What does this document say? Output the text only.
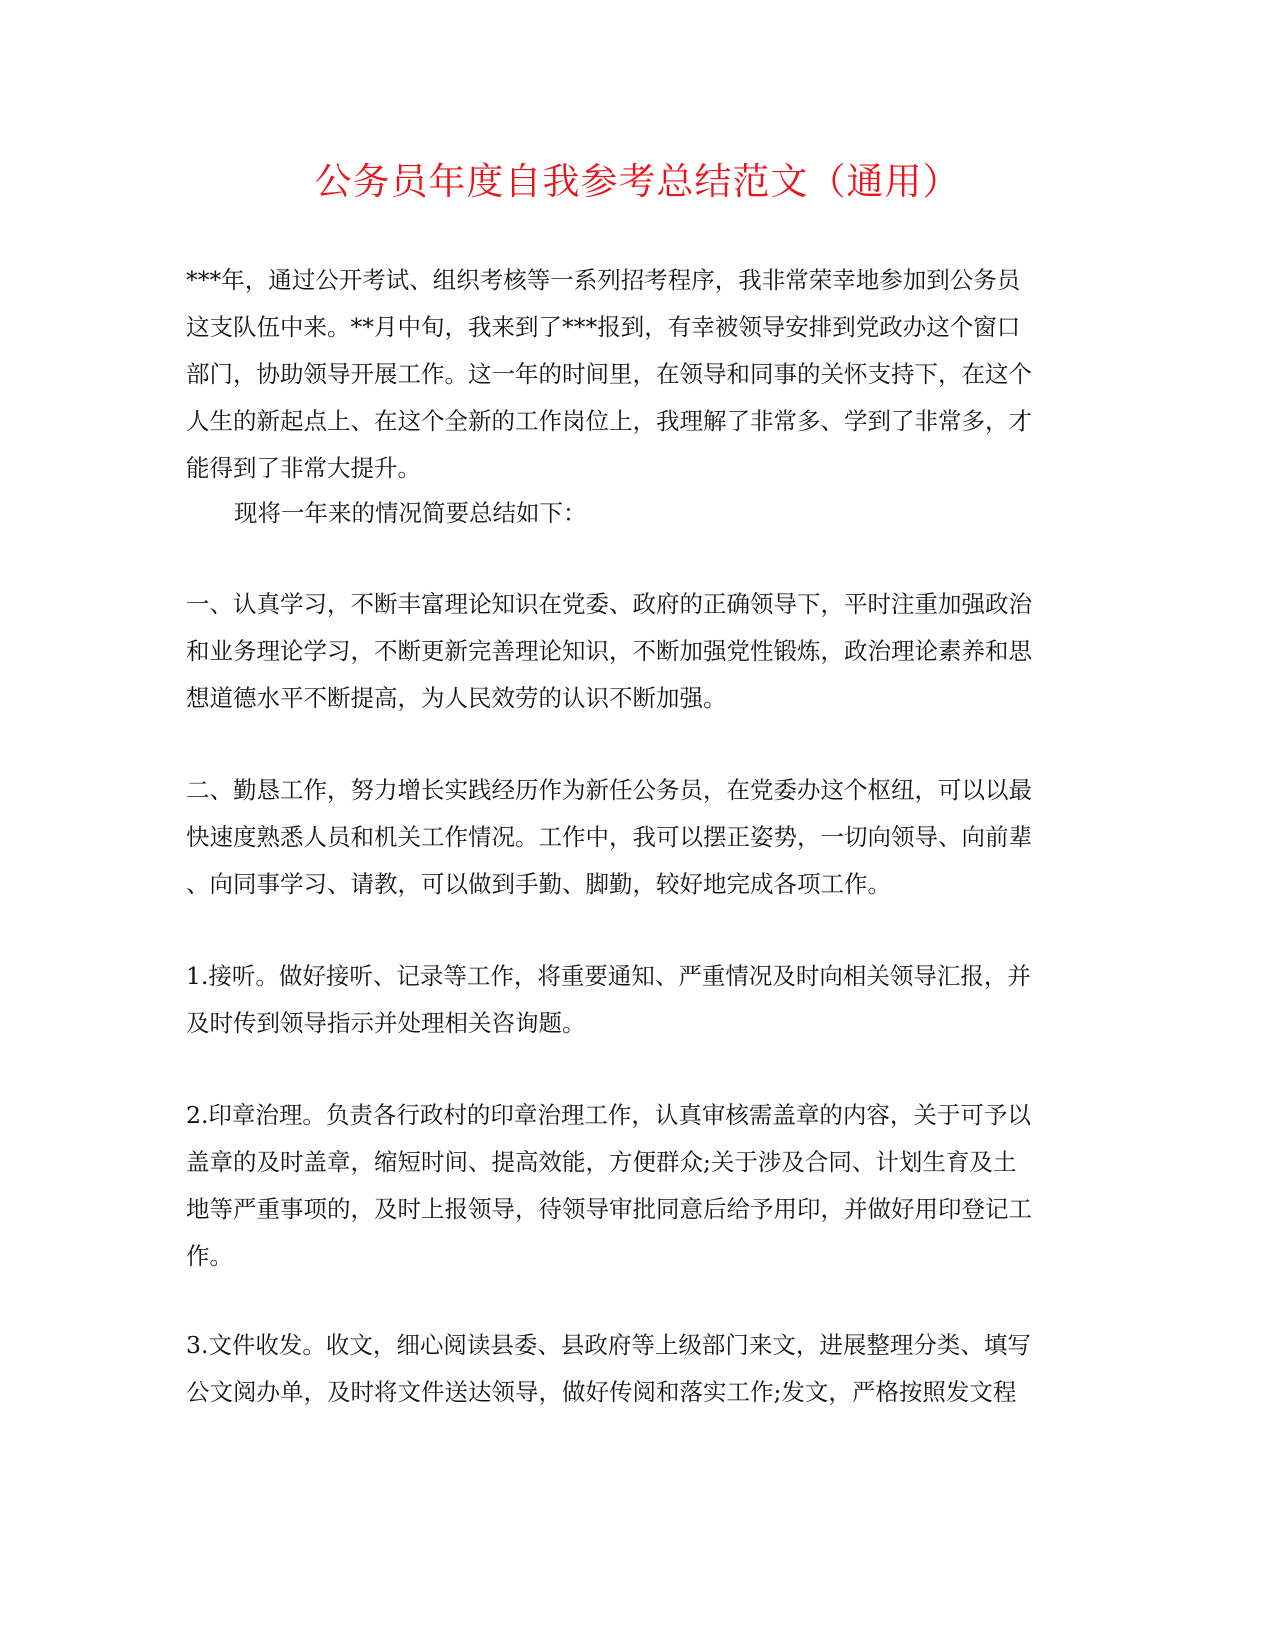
公务员年度自我参考总结范文（通用）
***年，通过公开考试、组织考核等一系列招考程序，我非常荣幸地参加到公务员
这支队伍中来。**月中旬，我来到了***报到，有幸被领导安排到党政办这个窗口
部门，协助领导开展工作。这一年的时间里，在领导和同事的关怀支持下，在这个
人生的新起点上、在这个全新的工作岗位上，我理解了非常多、学到了非常多，才
能得到了非常大提升。
现将一年来的情况简要总结如下：
一、认真学习，不断丰富理论知识在党委、政府的正确领导下，平时注重加强政治
和业务理论学习，不断更新完善理论知识，不断加强党性锻炼，政治理论素养和思
想道德水平不断提高，为人民效劳的认识不断加强。
二、勤恳工作，努力增长实践经历作为新任公务员，在党委办这个枢纽，可以以最
快速度熟悉人员和机关工作情况。工作中，我可以摆正姿势，一切向领导、向前辈
、向同事学习、请教，可以做到手勤、脚勤，较好地完成各项工作。
1.接听。做好接听、记录等工作，将重要通知、严重情况及时向相关领导汇报，并
及时传到领导指示并处理相关咨询题。
2.印章治理。负责各行政村的印章治理工作，认真审核需盖章的内容，关于可予以
盖章的及时盖章，缩短时间、提高效能，方便群众;关于涉及合同、计划生育及土
地等严重事项的，及时上报领导，待领导审批同意后给予用印，并做好用印登记工
作。
3.文件收发。收文，细心阅读县委、县政府等上级部门来文，进展整理分类、填写
公文阅办单，及时将文件送达领导，做好传阅和落实工作;发文，严格按照发文程
